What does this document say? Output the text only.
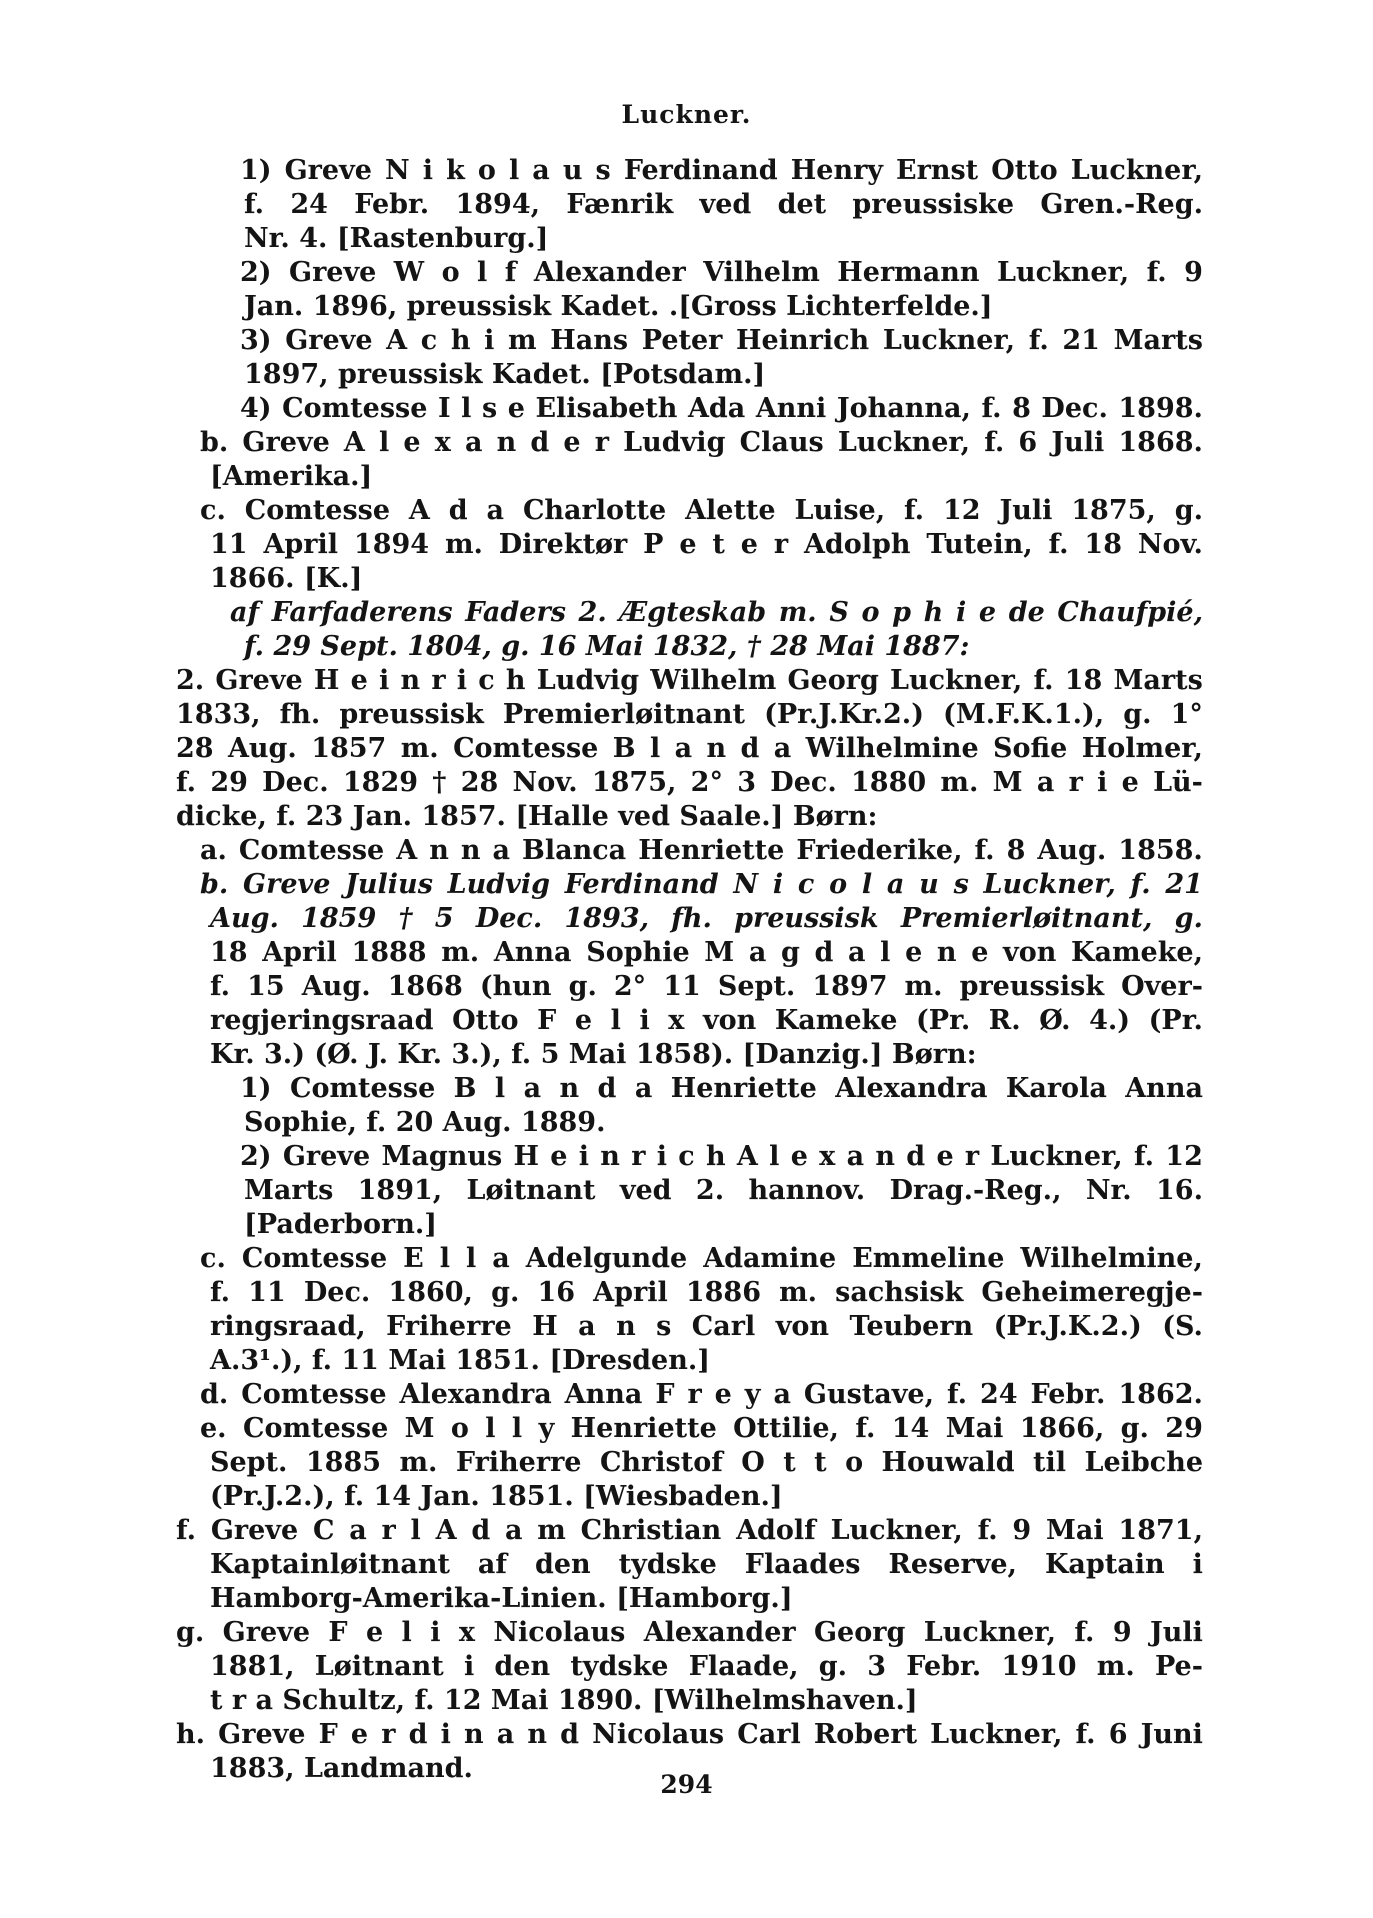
Luckner.
1) Greve N i k o l a u s Ferdinand Henry Ernst Otto Luckner,
f. 24 Febr. 1894, Fænrik ved det preussiske Gren.-Reg.
Nr. 4. [Rastenburg.]
2) Greve W o l f Alexander Vilhelm Hermann Luckner, f. 9
Jan. 1896, preussisk Kadet. .[Gross Lichterfelde.]
3) Greve A c h i m Hans Peter Heinrich Luckner, f. 21 Marts
1897, preussisk Kadet. [Potsdam.]
4) Comtesse I l s e Elisabeth Ada Anni Johanna, f. 8 Dec. 1898.
b. Greve A l e x a n d e r Ludvig Claus Luckner, f. 6 Juli 1868.
[Amerika.]
c. Comtesse A d a Charlotte Alette Luise, f. 12 Juli 1875, g.
11 April 1894 m. Direktør P e t e r Adolph Tutein, f. 18 Nov.
1866. [K.]
af Farfaderens Faders 2. Ægteskab m. S o p h i e de Chaufpié,
f. 29 Sept. 1804, g. 16 Mai 1832, † 28 Mai 1887:
2. Greve H e i n r i c h Ludvig Wilhelm Georg Luckner, f. 18 Marts
1833, fh. preussisk Premierløitnant (Pr.J.Kr.2.) (M.F.K.1.), g. 1°
28 Aug. 1857 m. Comtesse B l a n d a Wilhelmine Sofie Holmer,
f. 29 Dec. 1829 † 28 Nov. 1875, 2° 3 Dec. 1880 m. M a r i e Lü-
dicke, f. 23 Jan. 1857. [Halle ved Saale.] Børn:
a. Comtesse A n n a Blanca Henriette Friederike, f. 8 Aug. 1858.
b. Greve Julius Ludvig Ferdinand N i c o l a u s Luckner, f. 21
Aug. 1859 † 5 Dec. 1893, fh. preussisk Premierløitnant, g.
18 April 1888 m. Anna Sophie M a g d a l e n e von Kameke,
f. 15 Aug. 1868 (hun g. 2° 11 Sept. 1897 m. preussisk Over-
regjeringsraad Otto F e l i x von Kameke (Pr. R. Ø. 4.) (Pr.
Kr. 3.) (Ø. J. Kr. 3.), f. 5 Mai 1858). [Danzig.] Børn:
1) Comtesse B l a n d a Henriette Alexandra Karola Anna
Sophie, f. 20 Aug. 1889.
2) Greve Magnus H e i n r i c h A l e x a n d e r Luckner, f. 12
Marts 1891, Løitnant ved 2. hannov. Drag.-Reg., Nr. 16.
[Paderborn.]
c. Comtesse E l l a Adelgunde Adamine Emmeline Wilhelmine,
f. 11 Dec. 1860, g. 16 April 1886 m. sachsisk Geheimeregje-
ringsraad, Friherre H a n s Carl von Teubern (Pr.J.K.2.) (S.
A.3¹.), f. 11 Mai 1851. [Dresden.]
d. Comtesse Alexandra Anna F r e y a Gustave, f. 24 Febr. 1862.
e. Comtesse M o l l y Henriette Ottilie, f. 14 Mai 1866, g. 29
Sept. 1885 m. Friherre Christof O t t o Houwald til Leibche
(Pr.J.2.), f. 14 Jan. 1851. [Wiesbaden.]
f. Greve C a r l A d a m Christian Adolf Luckner, f. 9 Mai 1871,
Kaptainløitnant af den tydske Flaades Reserve, Kaptain i
Hamborg-Amerika-Linien. [Hamborg.]
g. Greve F e l i x Nicolaus Alexander Georg Luckner, f. 9 Juli
1881, Løitnant i den tydske Flaade, g. 3 Febr. 1910 m. Pe-
t r a Schultz, f. 12 Mai 1890. [Wilhelmshaven.]
h. Greve F e r d i n a n d Nicolaus Carl Robert Luckner, f. 6 Juni
1883, Landmand.
294
